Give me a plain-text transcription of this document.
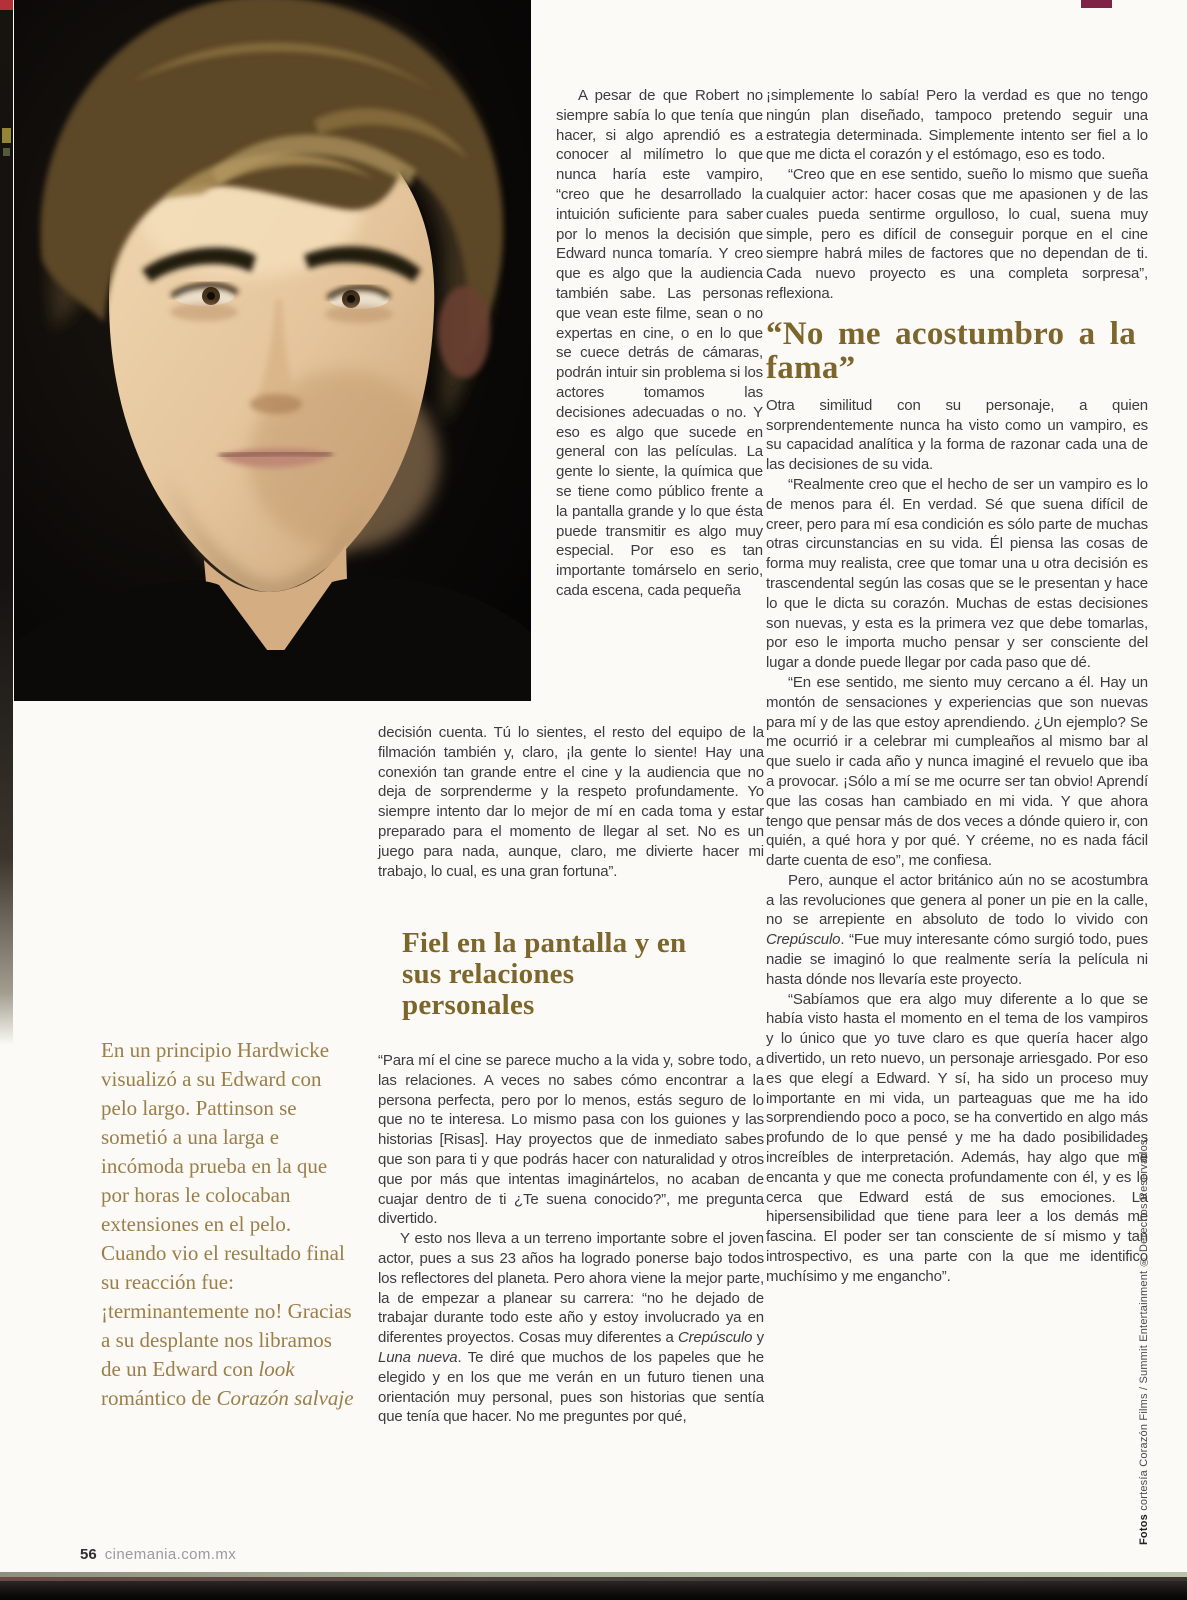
A pesar de que Robert no siempre sabía lo que tenía que hacer, si algo aprendió es a conocer al milímetro lo que nunca haría este vampiro, “creo que he desarrollado la intuición suficiente para saber por lo menos la decisión que Edward nunca tomaría. Y creo que es algo que la audiencia también sabe. Las personas que vean este filme, sean o no expertas en cine, o en lo que se cuece detrás de cámaras, podrán intuir sin problema si los actores tomamos las decisiones adecuadas o no. Y eso es algo que sucede en general con las películas. La gente lo siente, la química que se tiene como público frente a la pantalla grande y lo que ésta puede transmitir es algo muy especial. Por eso es tan importante tomárselo en serio, cada escena, cada pequeña

decisión cuenta. Tú lo sientes, el resto del equipo de la filmación también y, claro, ¡la gente lo siente! Hay una conexión tan grande entre el cine y la audiencia que no deja de sorprenderme y la respeto profundamente. Yo siempre intento dar lo mejor de mí en cada toma y estar preparado para el momento de llegar al set. No es un juego para nada, aunque, claro, me divierte hacer mi trabajo, lo cual, es una gran fortuna”.

Fiel en la pantalla y en sus relaciones personales

“Para mí el cine se parece mucho a la vida y, sobre todo, a las relaciones. A veces no sabes cómo encontrar a la persona perfecta, pero por lo menos, estás seguro de lo que no te interesa. Lo mismo pasa con los guiones y las historias [Risas]. Hay proyectos que de inmediato sabes que son para ti y que podrás hacer con naturalidad y otros que por más que intentas imaginártelos, no acaban de cuajar dentro de ti ¿Te suena conocido?”, me pregunta divertido.

Y esto nos lleva a un terreno importante sobre el joven actor, pues a sus 23 años ha logrado ponerse bajo todos los reflectores del planeta. Pero ahora viene la mejor parte, la de empezar a planear su carrera: “no he dejado de trabajar durante todo este año y estoy involucrado ya en diferentes proyectos. Cosas muy diferentes a Crepúsculo y Luna nueva. Te diré que muchos de los papeles que he elegido y en los que me verán en un futuro tienen una orientación muy personal, pues son historias que sentía que tenía que hacer. No me preguntes por qué,

¡simplemente lo sabía! Pero la verdad es que no tengo ningún plan diseñado, tampoco pretendo seguir una estrategia determinada. Simplemente intento ser fiel a lo que me dicta el corazón y el estómago, eso es todo.

“Creo que en ese sentido, sueño lo mismo que sueña cualquier actor: hacer cosas que me apasionen y de las cuales pueda sentirme orgulloso, lo cual, suena muy simple, pero es difícil de conseguir porque en el cine siempre habrá miles de factores que no dependan de ti. Cada nuevo proyecto es una completa sorpresa”, reflexiona.

“No me acostumbro a la fama”

Otra similitud con su personaje, a quien sorprendentemente nunca ha visto como un vampiro, es su capacidad analítica y la forma de razonar cada una de las decisiones de su vida.

“Realmente creo que el hecho de ser un vampiro es lo de menos para él. En verdad. Sé que suena difícil de creer, pero para mí esa condición es sólo parte de muchas otras circunstancias en su vida. Él piensa las cosas de forma muy realista, cree que tomar una u otra decisión es trascendental según las cosas que se le presentan y hace lo que le dicta su corazón. Muchas de estas decisiones son nuevas, y esta es la primera vez que debe tomarlas, por eso le importa mucho pensar y ser consciente del lugar a donde puede llegar por cada paso que dé.

“En ese sentido, me siento muy cercano a él. Hay un montón de sensaciones y experiencias que son nuevas para mí y de las que estoy aprendiendo. ¿Un ejemplo? Se me ocurrió ir a celebrar mi cumpleaños al mismo bar al que suelo ir cada año y nunca imaginé el revuelo que iba a provocar. ¡Sólo a mí se me ocurre ser tan obvio! Aprendí que las cosas han cambiado en mi vida. Y que ahora tengo que pensar más de dos veces a dónde quiero ir, con quién, a qué hora y por qué. Y créeme, no es nada fácil darte cuenta de eso”, me confiesa.

Pero, aunque el actor británico aún no se acostumbra a las revoluciones que genera al poner un pie en la calle, no se arrepiente en absoluto de todo lo vivido con Crepúsculo. “Fue muy interesante cómo surgió todo, pues nadie se imaginó lo que realmente sería la película ni hasta dónde nos llevaría este proyecto.

“Sabíamos que era algo muy diferente a lo que se había visto hasta el momento en el tema de los vampiros y lo único que yo tuve claro es que quería hacer algo divertido, un reto nuevo, un personaje arriesgado. Por eso es que elegí a Edward. Y sí, ha sido un proceso muy importante en mi vida, un parteaguas que me ha ido sorprendiendo poco a poco, se ha convertido en algo más profundo de lo que pensé y me ha dado posibilidades increíbles de interpretación. Además, hay algo que me encanta y que me conecta profundamente con él, y es lo cerca que Edward está de sus emociones. La hipersensibilidad que tiene para leer a los demás me fascina. El poder ser tan consciente de sí mismo y tan introspectivo, es una parte con la que me identifico muchísimo y me engancho”.

En un principio Hardwicke visualizó a su Edward con pelo largo. Pattinson se sometió a una larga e incómoda prueba en la que por horas le colocaban extensiones en el pelo. Cuando vio el resultado final su reacción fue: ¡terminantemente no! Gracias a su desplante nos libramos de un Edward con look romántico de Corazón salvaje
56 cinemania.com.mx
Fotos cortesía Corazón Films / Summit Entertainment ® Derechos Reservados.
